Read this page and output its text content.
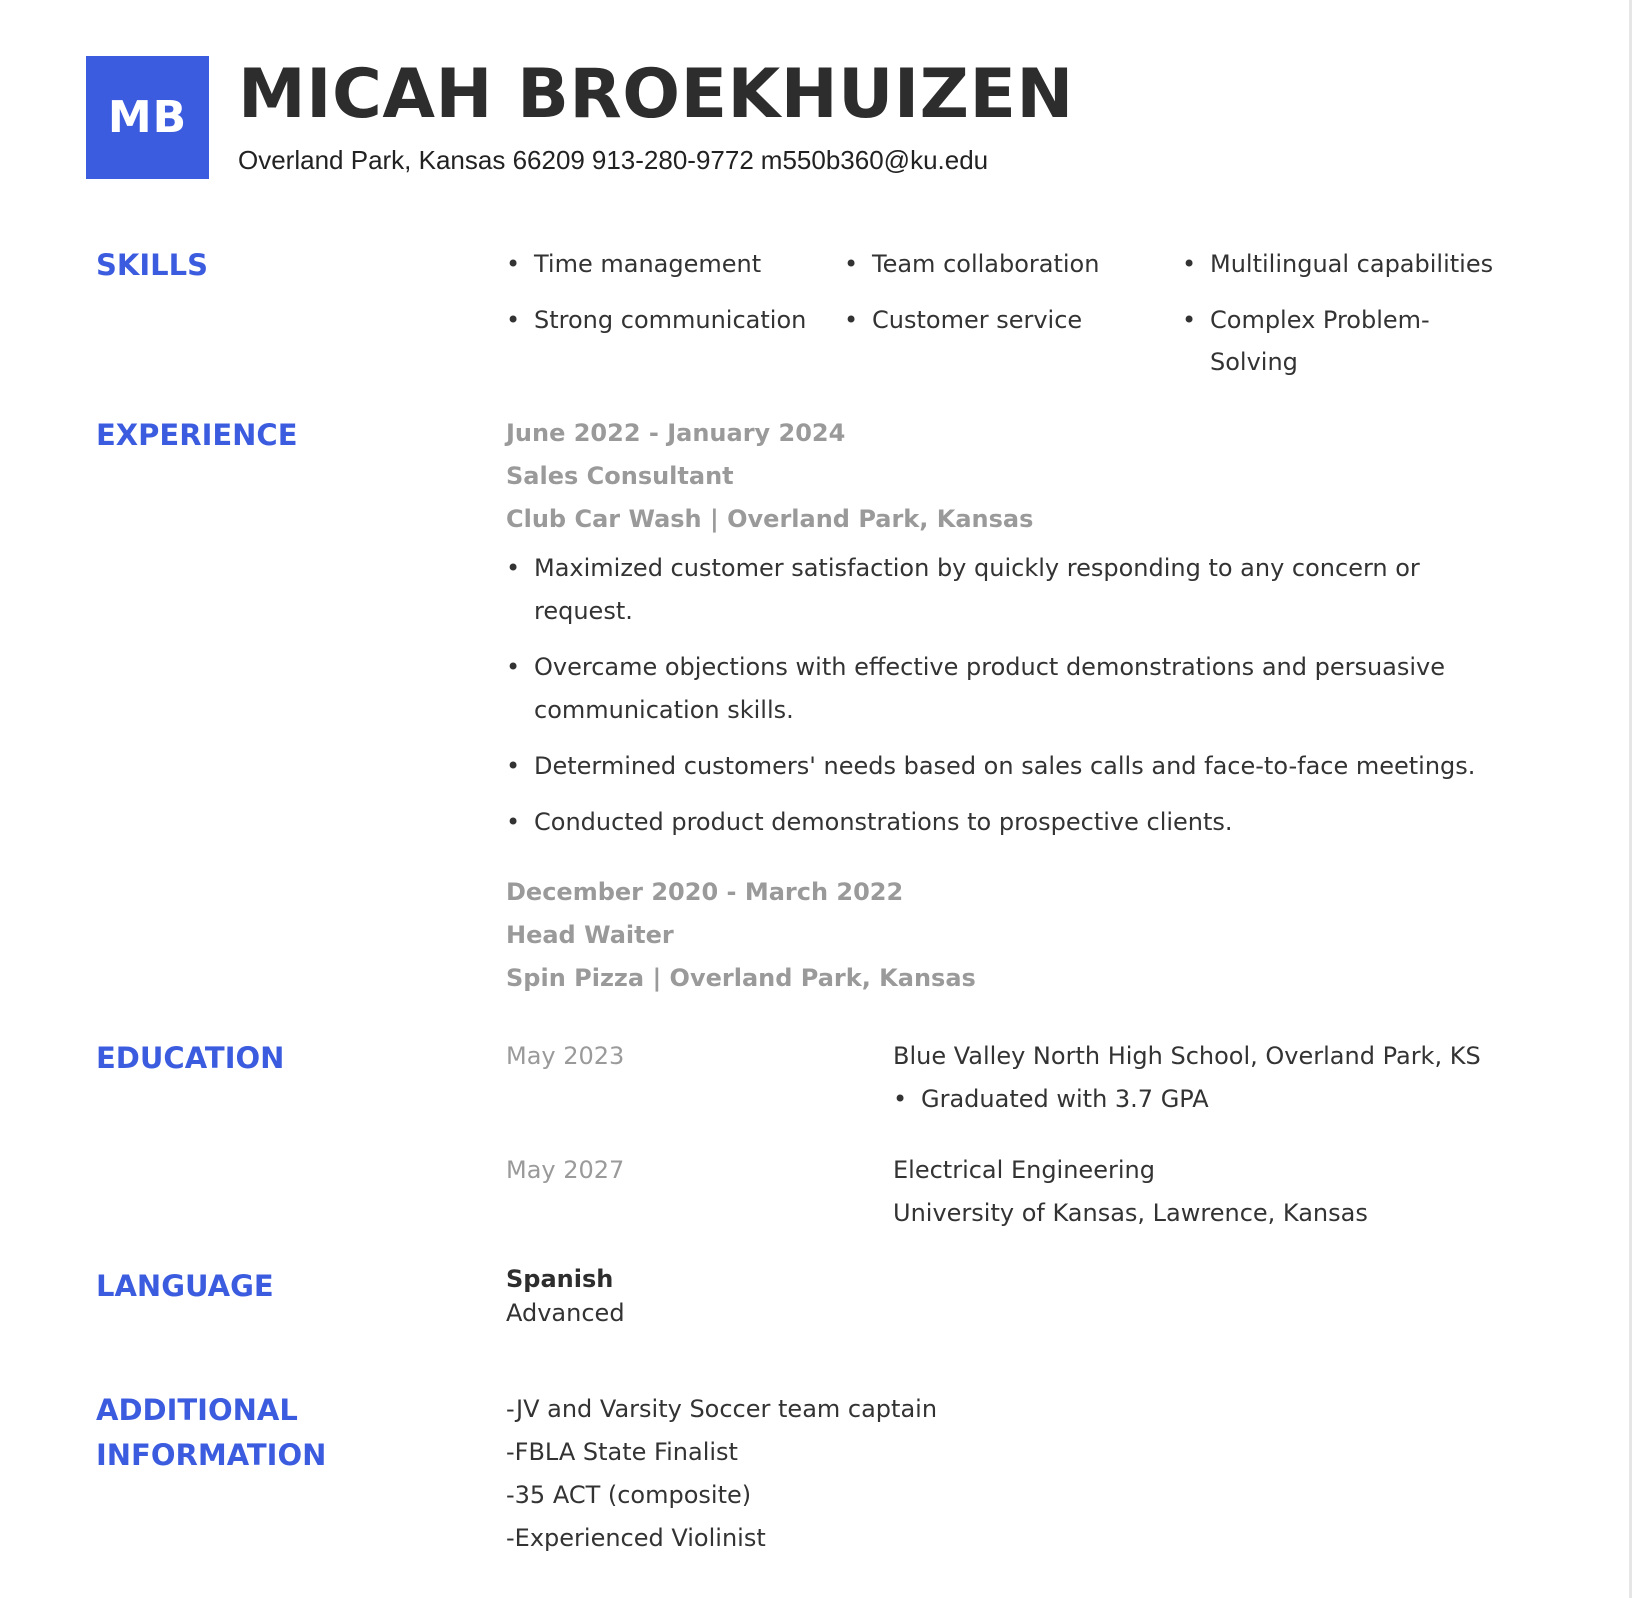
MB MICAH BROEKHUIZEN
Overland Park, Kansas 66209 913-280-9772 m550b360@ku.edu
SKILLS	• Time management	• Team collaboration	• Multilingual capabilities
• Strong communication	• Customer service	• Complex Problem-Solving
EXPERIENCE	June 2022 - January 2024
Sales Consultant
Club Car Wash | Overland Park, Kansas
• Maximized customer satisfaction by quickly responding to any concern or request.
• Overcame objections with effective product demonstrations and persuasive communication skills.
• Determined customers' needs based on sales calls and face-to-face meetings.
• Conducted product demonstrations to prospective clients.
December 2020 - March 2022
Head Waiter
Spin Pizza | Overland Park, Kansas
EDUCATION	May 2023	Blue Valley North High School, Overland Park, KS
• Graduated with 3.7 GPA
May 2027	Electrical Engineering
University of Kansas, Lawrence, Kansas
LANGUAGE	Spanish
Advanced
ADDITIONAL
INFORMATION
-JV and Varsity Soccer team captain
-FBLA State Finalist
-35 ACT (composite)
-Experienced Violinist
